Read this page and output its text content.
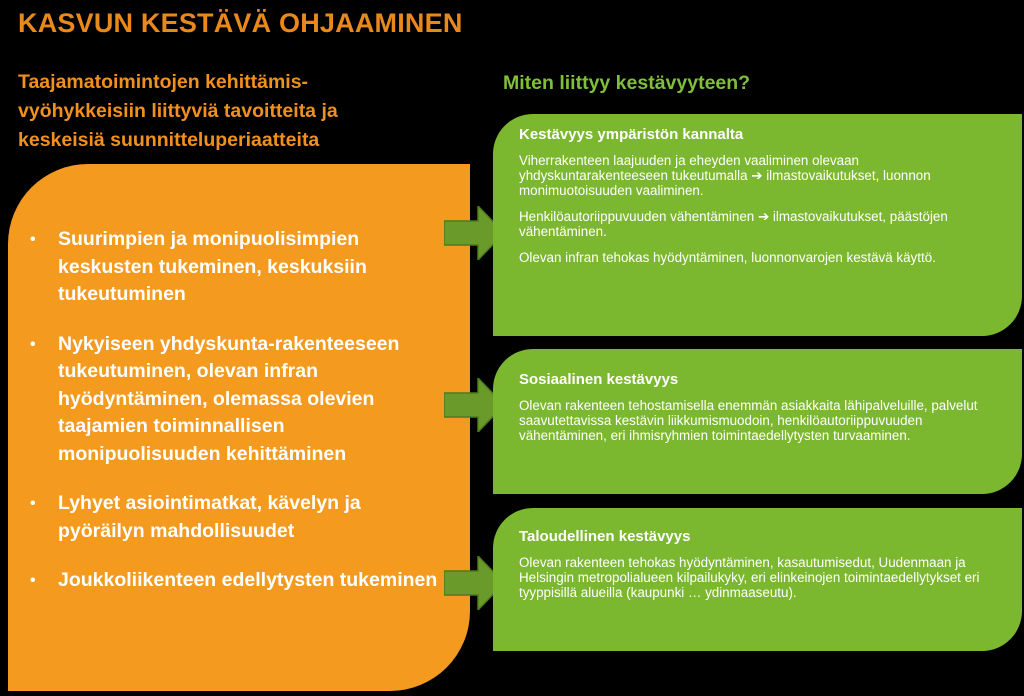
KASVUN KESTÄVÄ OHJAAMINEN
Taajamatoimintojen kehittämis-
vyöhykkeisiin liittyviä tavoitteita ja
keskeisiä suunnitteluperiaatteita
Miten liittyy kestävyyteen?
• Suurimpien ja monipuolisimpien keskusten tukeminen, keskuksiin tukeutuminen
• Nykyiseen yhdyskunta-rakenteeseen tukeutuminen, olevan infran hyödyntäminen, olemassa olevien taajamien toiminnallisen monipuolisuuden kehittäminen
• Lyhyet asiointimatkat, kävelyn ja pyöräilyn mahdollisuudet
• Joukkoliikenteen edellytysten tukeminen
Kestävyys ympäristön kannalta

Viherrakenteen laajuuden ja eheyden vaaliminen olevaan yhdyskuntarakenteeseen tukeutumalla ➔ ilmastovaikutukset, luonnon monimuotoisuuden vaaliminen.

Henkilöautoriippuvuuden vähentäminen ➔ ilmastovaikutukset, päästöjen vähentäminen.

Olevan infran tehokas hyödyntäminen, luonnonvarojen kestävä käyttö.

Sosiaalinen kestävyys

Olevan rakenteen tehostamisella enemmän asiakkaita lähipalveluille, palvelut saavutettavissa kestävin liikkumismuodoin, henkilöautoriippuvuuden vähentäminen, eri ihmisryhmien toimintaedellytysten turvaaminen.

Taloudellinen kestävyys

Olevan rakenteen tehokas hyödyntäminen, kasautumisedut, Uudenmaan ja Helsingin metropolialueen kilpailukyky, eri elinkeinojen toimintaedellytykset eri tyyppisillä alueilla (kaupunki … ydinmaaseutu).
